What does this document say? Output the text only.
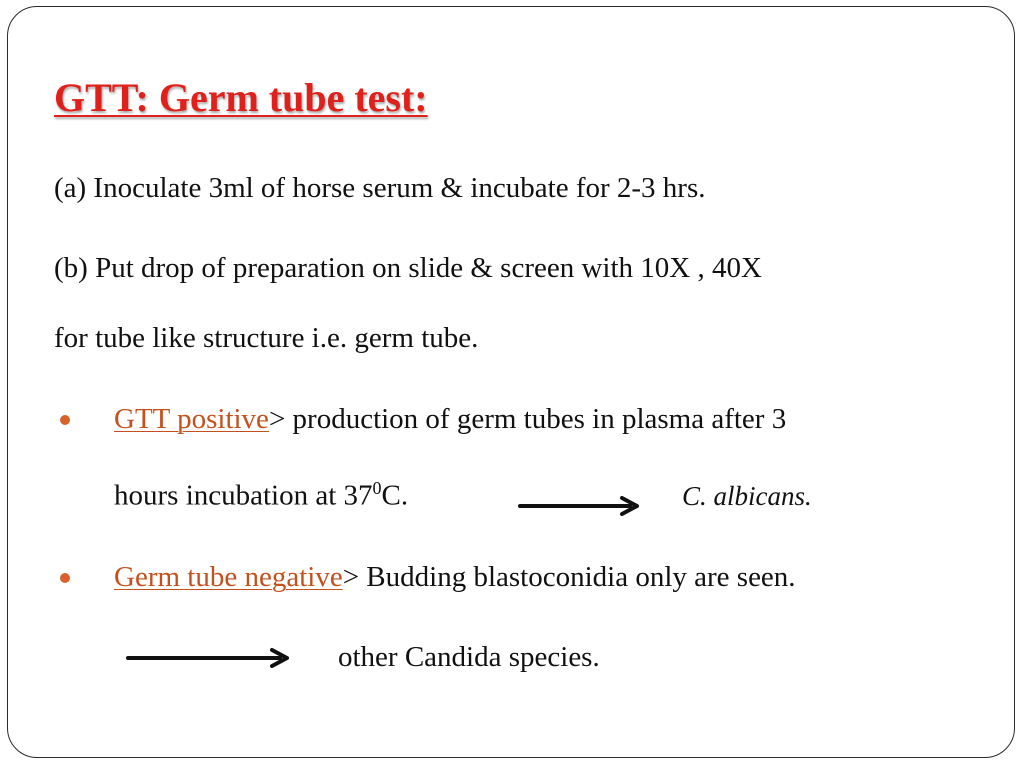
GTT: Germ tube test:

(a) Inoculate 3ml of horse serum & incubate for 2-3 hrs.

(b) Put drop of preparation on slide & screen with 10X , 40X

for tube like structure i.e. germ tube.

GTT positive> production of germ tubes in plasma after 3

hours incubation at $37^0C$.	C. albicans.

Germ tube negative> Budding blastoconidia only are seen.

other Candida species.
